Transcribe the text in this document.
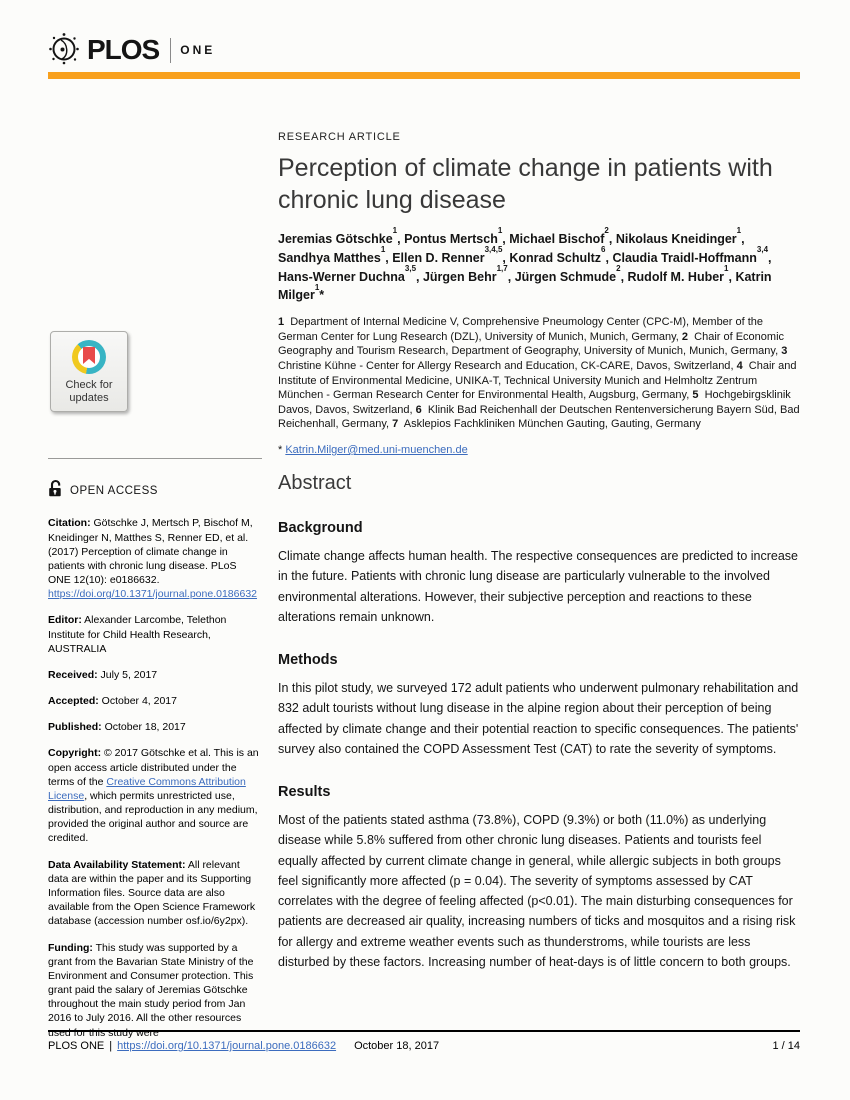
PLOS ONE
Check for updates
OPEN ACCESS

Citation: Götschke J, Mertsch P, Bischof M, Kneidinger N, Matthes S, Renner ED, et al. (2017) Perception of climate change in patients with chronic lung disease. PLoS ONE 12(10): e0186632. https://doi.org/10.1371/journal.pone.0186632

Editor: Alexander Larcombe, Telethon Institute for Child Health Research, AUSTRALIA

Received: July 5, 2017

Accepted: October 4, 2017

Published: October 18, 2017

Copyright: © 2017 Götschke et al. This is an open access article distributed under the terms of the Creative Commons Attribution License, which permits unrestricted use, distribution, and reproduction in any medium, provided the original author and source are credited.

Data Availability Statement: All relevant data are within the paper and its Supporting Information files. Source data are also available from the Open Science Framework database (accession number osf.io/6y2px).

Funding: This study was supported by a grant from the Bavarian State Ministry of the Environment and Consumer protection. This grant paid the salary of Jeremias Götschke throughout the main study period from Jan 2016 to July 2016. All the other resources used for this study were

RESEARCH ARTICLE
Perception of climate change in patients with chronic lung disease

Jeremias Götschke$^1$, Pontus Mertsch$^1$, Michael Bischof$^2$, Nikolaus Kneidinger$^1$, Sandhya Matthes$^1$, Ellen D. Renner$^{3,4,5}$, Konrad Schultz$^6$, Claudia Traidl-Hoffmann$^{3,4}$, Hans-Werner Duchna$^{3,5}$, Jürgen Behr$^{1,7}$, Jürgen Schmude$^2$, Rudolf M. Huber$^1$, Katrin Milger$^1$*

1  Department of Internal Medicine V, Comprehensive Pneumology Center (CPC-M), Member of the German Center for Lung Research (DZL), University of Munich, Munich, Germany, 2  Chair of Economic Geography and Tourism Research, Department of Geography, University of Munich, Munich, Germany, 3  Christine Kühne - Center for Allergy Research and Education, CK-CARE, Davos, Switzerland, 4  Chair and Institute of Environmental Medicine, UNIKA-T, Technical University Munich and Helmholtz Zentrum München - German Research Center for Environmental Health, Augsburg, Germany, 5  Hochgebirgsklinik Davos, Davos, Switzerland, 6  Klinik Bad Reichenhall der Deutschen Rentenversicherung Bayern Süd, Bad Reichenhall, Germany, 7  Asklepios Fachkliniken München Gauting, Gauting, Germany

* Katrin.Milger@med.uni-muenchen.de

Abstract
Background

Climate change affects human health. The respective consequences are predicted to increase in the future. Patients with chronic lung disease are particularly vulnerable to the involved environmental alterations. However, their subjective perception and reactions to these alterations remain unknown.

Methods

In this pilot study, we surveyed 172 adult patients who underwent pulmonary rehabilitation and 832 adult tourists without lung disease in the alpine region about their perception of being affected by climate change and their potential reaction to specific consequences. The patients' survey also contained the COPD Assessment Test (CAT) to rate the severity of symptoms.

Results

Most of the patients stated asthma (73.8%), COPD (9.3%) or both (11.0%) as underlying disease while 5.8% suffered from other chronic lung diseases. Patients and tourists feel equally affected by current climate change in general, while allergic subjects in both groups feel significantly more affected (p = 0.04). The severity of symptoms assessed by CAT correlates with the degree of feeling affected (p<0.01). The main disturbing consequences for patients are decreased air quality, increasing numbers of ticks and mosquitos and a rising risk for allergy and extreme weather events such as thunderstroms, while tourists are less disturbed by these factors. Increasing number of heat-days is of little concern to both groups.

PLOS ONE | https://doi.org/10.1371/journal.pone.0186632 October 18, 2017	1 / 14
